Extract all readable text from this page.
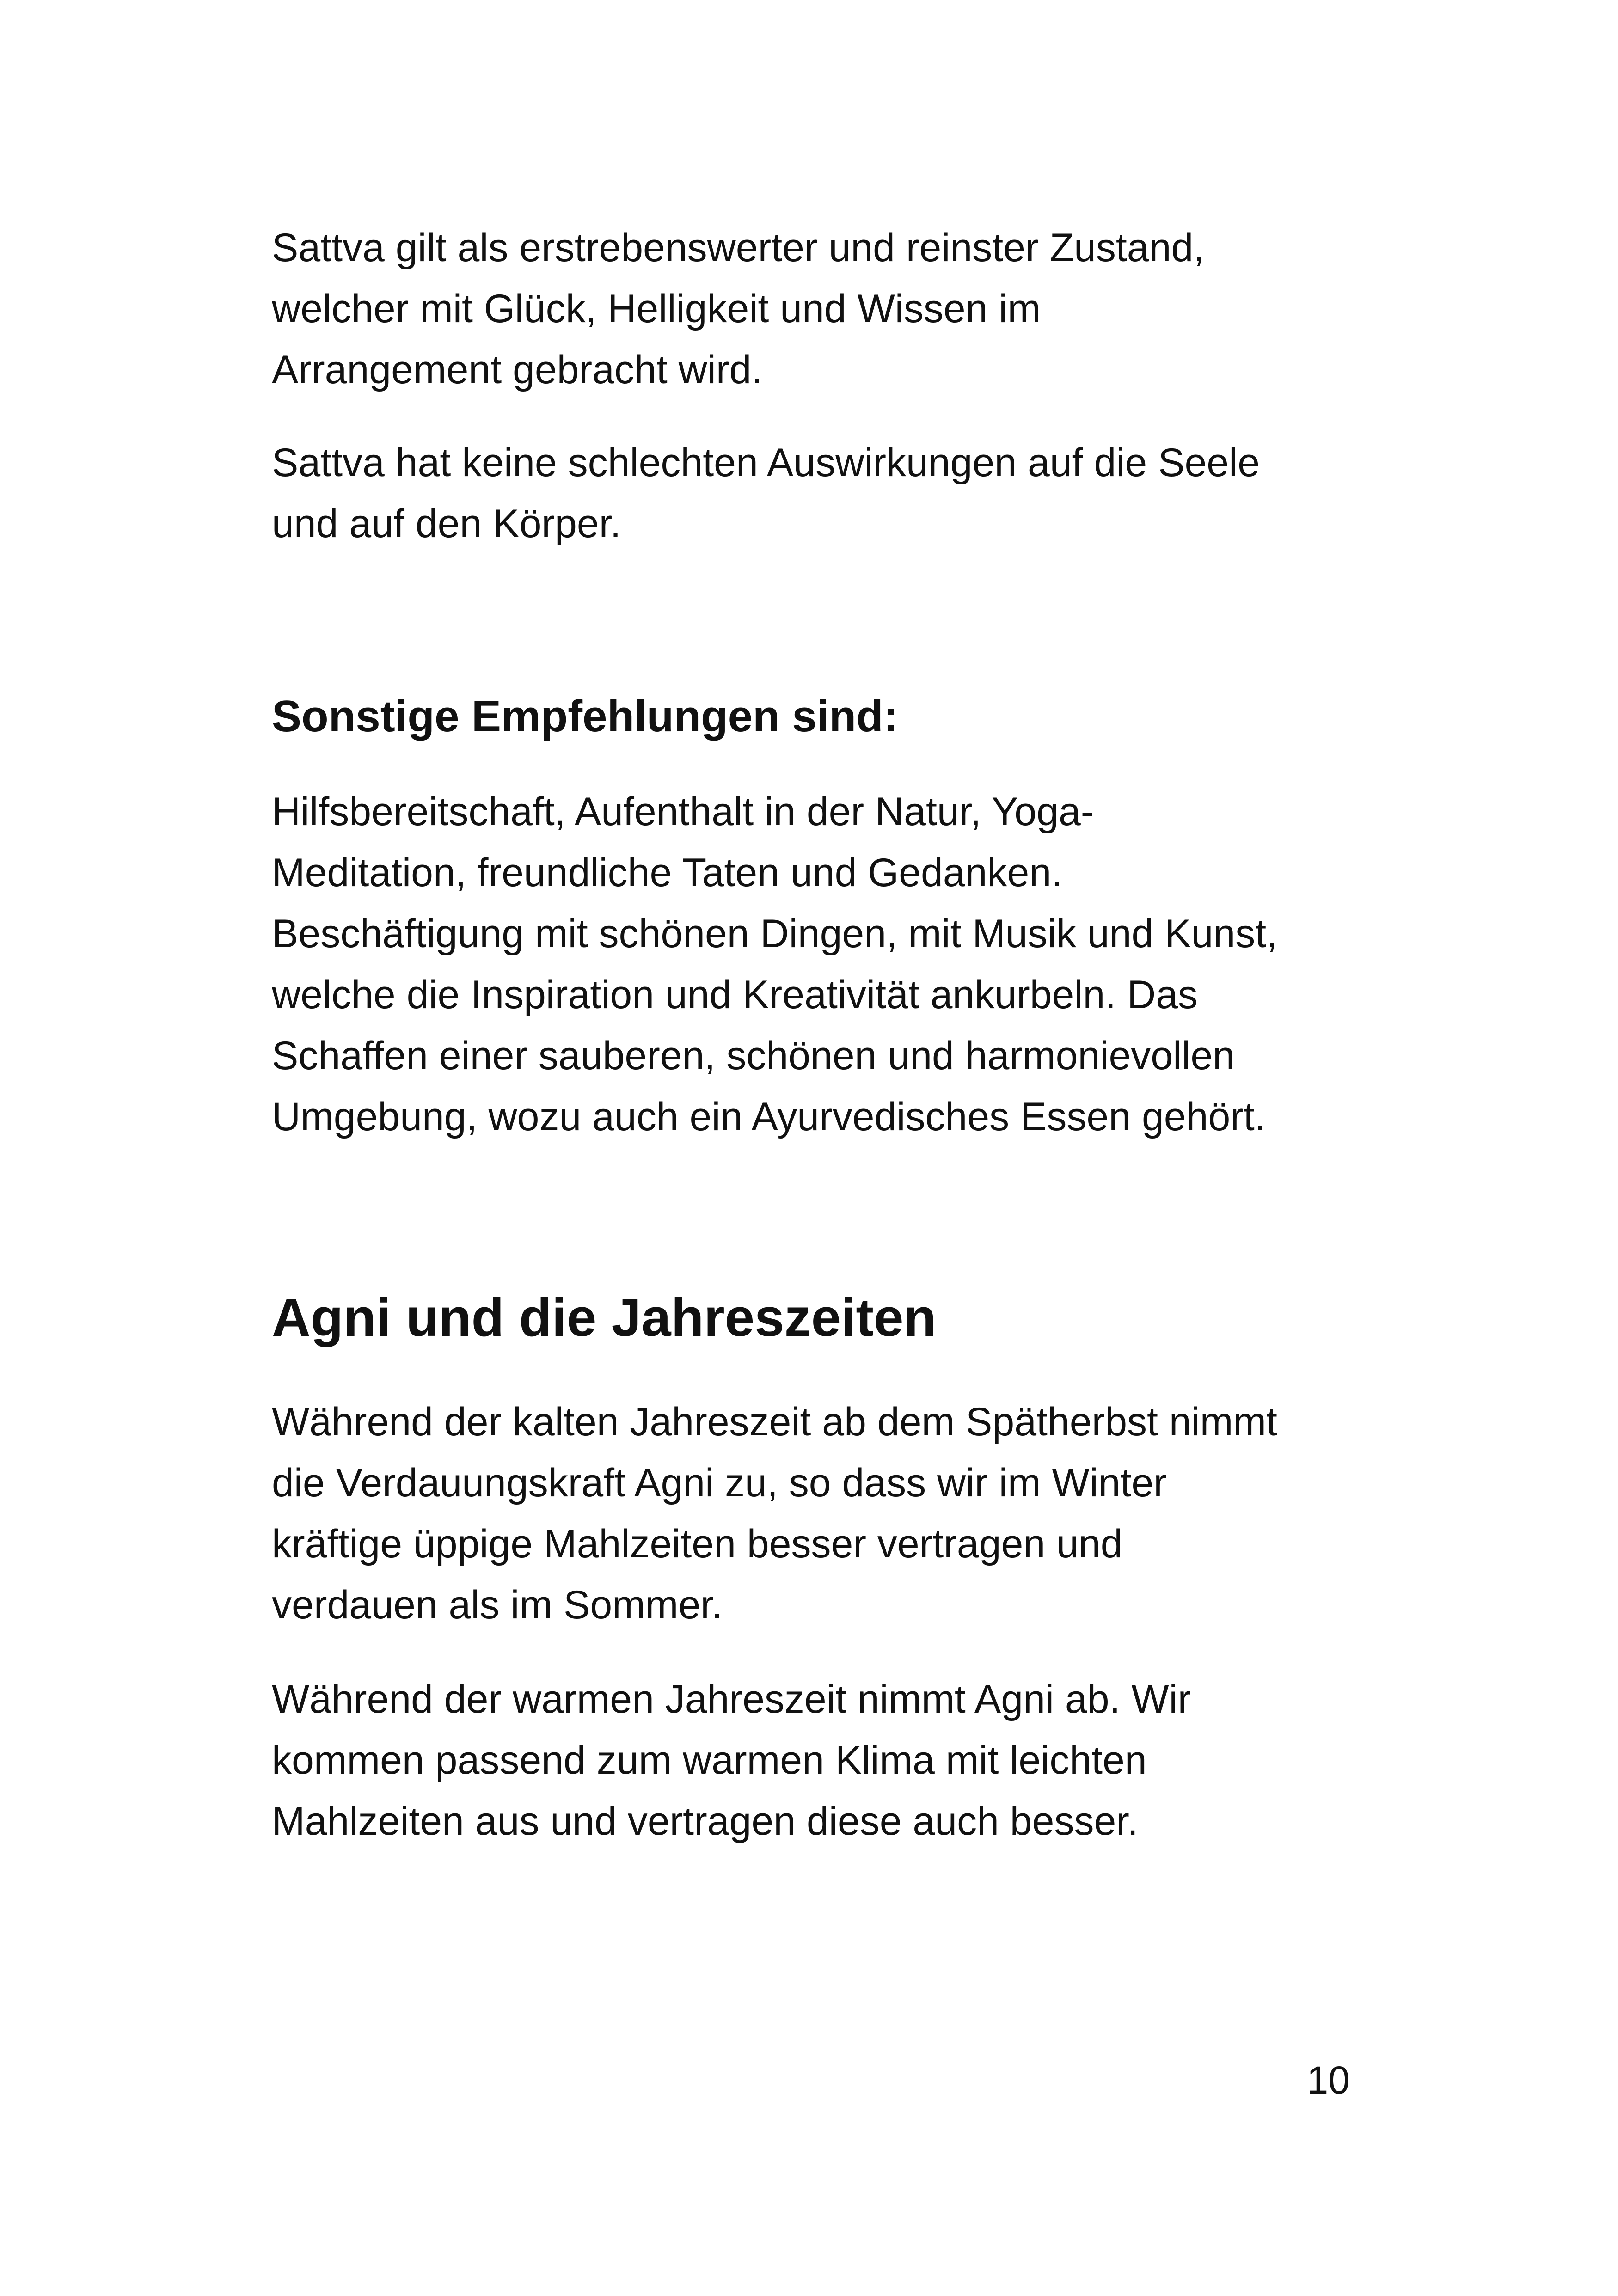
Sattva gilt als erstrebenswerter und reinster Zustand,
welcher mit Glück, Helligkeit und Wissen im
Arrangement gebracht wird.

Sattva hat keine schlechten Auswirkungen auf die Seele
und auf den Körper.

Sonstige Empfehlungen sind:

Hilfsbereitschaft, Aufenthalt in der Natur, Yoga-
Meditation, freundliche Taten und Gedanken.
Beschäftigung mit schönen Dingen, mit Musik und Kunst,
welche die Inspiration und Kreativität ankurbeln. Das
Schaffen einer sauberen, schönen und harmonievollen
Umgebung, wozu auch ein Ayurvedisches Essen gehört.

Agni und die Jahreszeiten

Während der kalten Jahreszeit ab dem Spätherbst nimmt
die Verdauungskraft Agni zu, so dass wir im Winter
kräftige üppige Mahlzeiten besser vertragen und
verdauen als im Sommer.

Während der warmen Jahreszeit nimmt Agni ab. Wir
kommen passend zum warmen Klima mit leichten
Mahlzeiten aus und vertragen diese auch besser.

10
